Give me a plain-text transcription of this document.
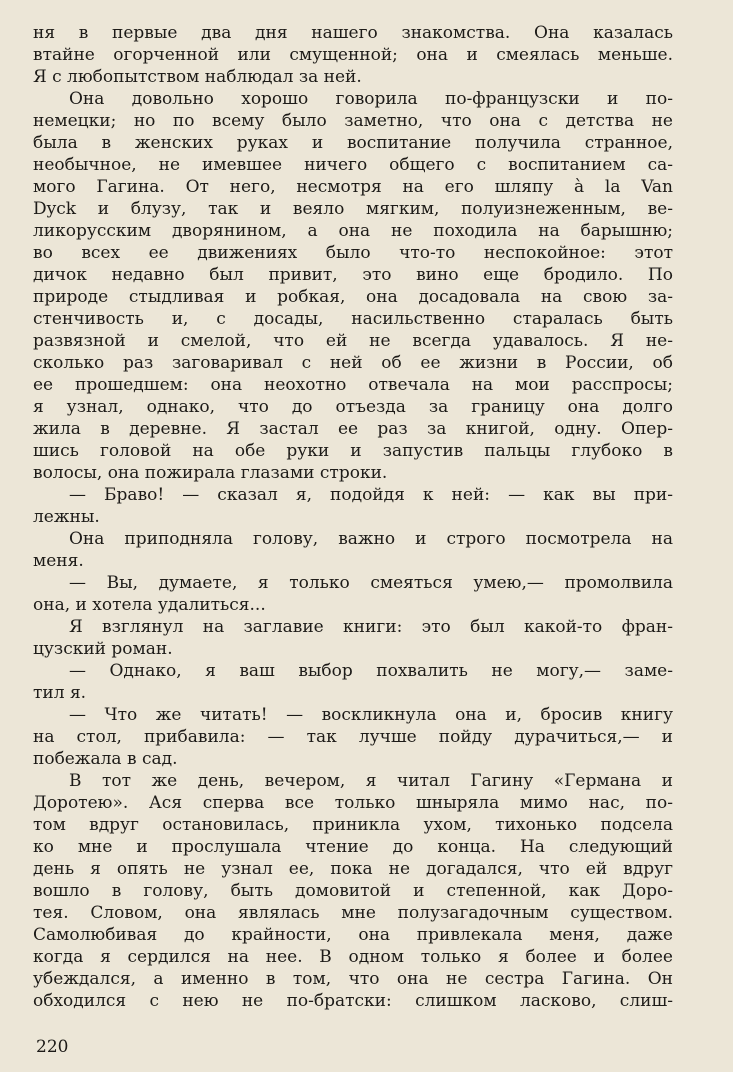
ня в первые два дня нашего знакомства. Она казалась
втайне огорченной или смущенной; она и смеялась меньше.
Я с любопытством наблюдал за ней.
Она довольно хорошо говорила по-французски и по-
немецки; но по всему было заметно, что она с детства не
была в женских руках и воспитание получила странное,
необычное, не имевшее ничего общего с воспитанием са-
мого Гагина. От него, несмотря на его шляпу à la Van
Dyck и блузу, так и веяло мягким, полуизнеженным, ве-
ликорусским дворянином, а она не походила на барышню;
во всех ее движениях было что-то неспокойное: этот
дичок недавно был привит, это вино еще бродило. По
природе стыдливая и робкая, она досадовала на свою за-
стенчивость и, с досады, насильственно старалась быть
развязной и смелой, что ей не всегда удавалось. Я не-
сколько раз заговаривал с ней об ее жизни в России, об
ее прошедшем: она неохотно отвечала на мои расспросы;
я узнал, однако, что до отъезда за границу она долго
жила в деревне. Я застал ее раз за книгой, одну. Опер-
шись головой на обе руки и запустив пальцы глубоко в
волосы, она пожирала глазами строки.
— Браво! — сказал я, подойдя к ней: — как вы при-
лежны.
Она приподняла голову, важно и строго посмотрела на
меня.
— Вы, думаете, я только смеяться умею,— промолвила
она, и хотела удалиться...
Я взглянул на заглавие книги: это был какой-то фран-
цузский роман.
— Однако, я ваш выбор похвалить не могу,— заме-
тил я.
— Что же читать! — воскликнула она и, бросив книгу
на стол, прибавила: — так лучше пойду дурачиться,— и
побежала в сад.
В тот же день, вечером, я читал Гагину «Германа и
Доротею». Ася сперва все только шныряла мимо нас, по-
том вдруг остановилась, приникла ухом, тихонько подсела
ко мне и прослушала чтение до конца. На следующий
день я опять не узнал ее, пока не догадался, что ей вдруг
вошло в голову, быть домовитой и степенной, как Доро-
тея. Словом, она являлась мне полузагадочным существом.
Самолюбивая до крайности, она привлекала меня, даже
когда я сердился на нее. В одном только я более и более
убеждался, а именно в том, что она не сестра Гагина. Он
обходился с нею не по-братски: слишком ласково, слиш-
220
